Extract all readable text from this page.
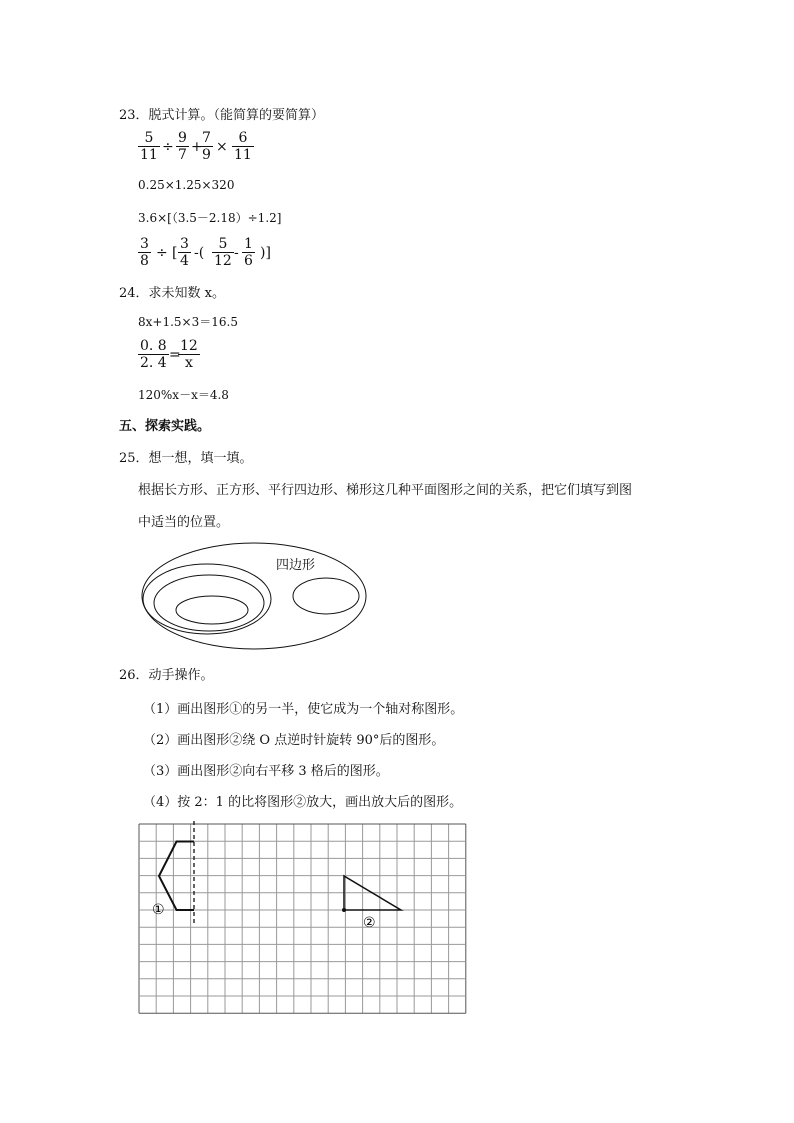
23．脱式计算。（能简算的要简算）
5
11 ÷
9
7 +
7
9 ×
6
11
0.25×1.25×320
3.6×[（3.5－2.18）÷1.2]
3
8 ÷ [
3
4 -(
5
12 -
1
6 )]
24．求未知数 x。
8x+1.5×3＝16.5
0. 8
2. 4 =
12
x
120%x－x＝4.8
五、探索实践。
25．想一想，填一填。
根据长方形、正方形、平行四边形、梯形这几种平面图形之间的关系，把它们填写到图
中适当的位置。
四边形
26．动手操作。
（1）画出图形①的另一半，使它成为一个轴对称图形。
（2）画出图形②绕 O 点逆时针旋转 90°后的图形。
（3）画出图形②向右平移 3 格后的图形。
（4）按 2：1 的比将图形②放大，画出放大后的图形。
①
②
